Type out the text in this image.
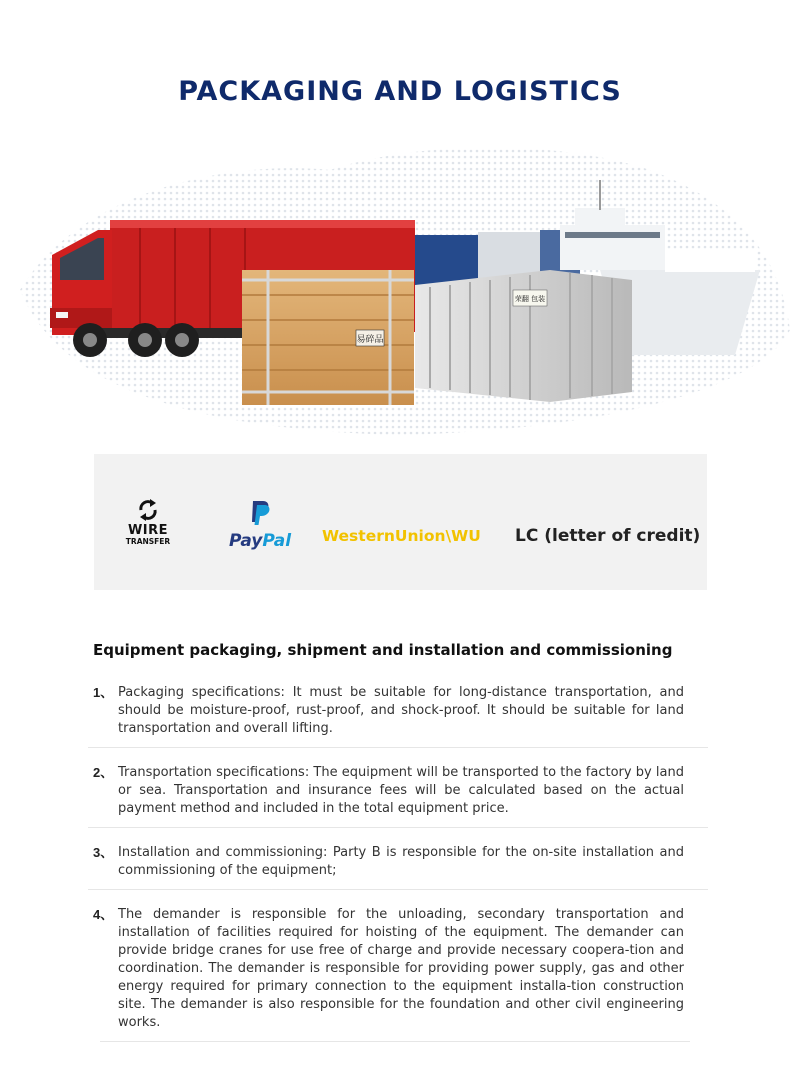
PACKAGING AND LOGISTICS
易碎品
荣翻 包装
WIRE
TRANSFER	PayPal	WesternUnion\WU LC (letter of credit)
Equipment packaging, shipment and installation and commissioning
1、 Packaging specifications: It must be suitable for long-distance transportation, and should be moisture-proof, rust-proof, and shock-proof. It should be suitable for land transportation and overall lifting.
2、 Transportation specifications: The equipment will be transported to the factory by land or sea. Transportation and insurance fees will be calculated based on the actual payment method and included in the total equipment price.
3、 Installation and commissioning: Party B is responsible for the on-site installation and commissioning of the equipment;
4、 The demander is responsible for the unloading, secondary transportation and installation of facilities required for hoisting of the equipment. The demander can provide bridge cranes for use free of charge and provide necessary coopera-tion and coordination. The demander is responsible for providing power supply, gas and other energy required for primary connection to the equipment installa-tion construction site. The demander is also responsible for the foundation and other civil engineering works.
